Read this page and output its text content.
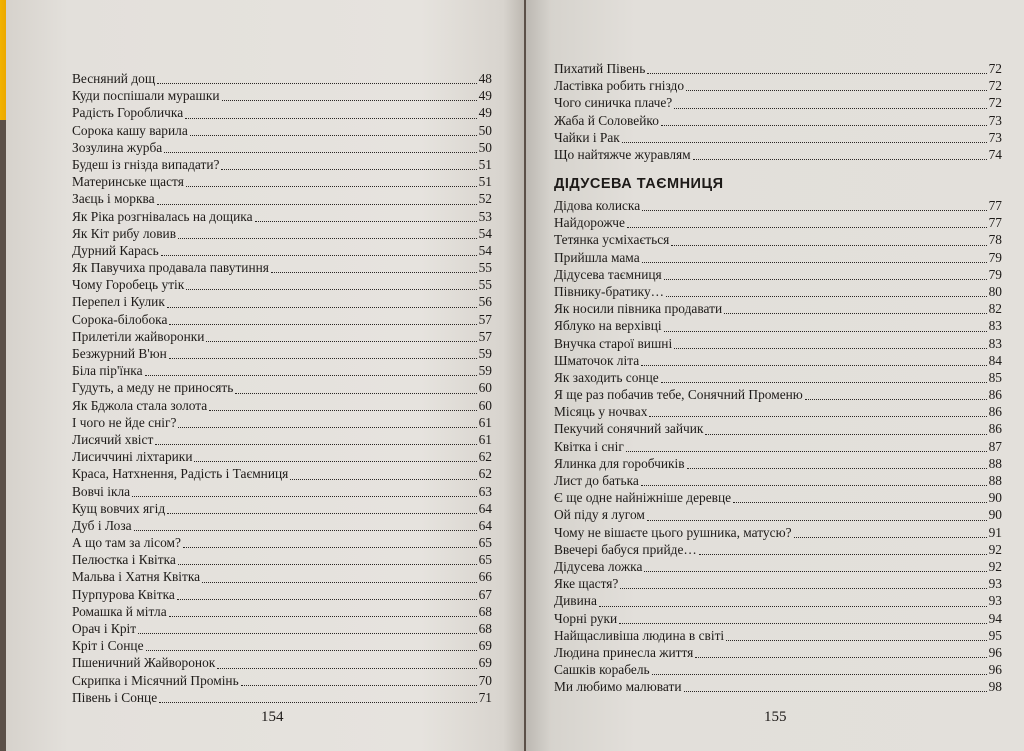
Весняний дощ	48
Куди поспішали мурашки	49
Радість Горобличка	49
Сорока кашу варила	50
Зозулина журба	50
Будеш із гнізда випадати?	51
Материнське щастя	51
Заєць і морква	52
Як Ріка розгнівалась на дощика	53
Як Кіт рибу ловив	54
Дурний Карась	54
Як Павучиха продавала павутиння	55
Чому Горобець утік	55
Перепел і Кулик	56
Сорока-білобока	57
Прилетіли жайворонки	57
Безжурний В'юн	59
Біла пір'їнка	59
Гудуть, а меду не приносять	60
Як Бджола стала золота	60
І чого не йде сніг?	61
Лисячий хвіст	61
Лисиччині ліхтарики	62
Краса, Натхнення, Радість і Таємниця	62
Вовчі ікла	63
Кущ вовчих ягід	64
Дуб і Лоза	64
А що там за лісом?	65
Пелюстка і Квітка	65
Мальва і Хатня Квітка	66
Пурпурова Квітка	67
Ромашка й мітла	68
Орач і Кріт	68
Кріт і Сонце	69
Пшеничний Жайворонок	69
Скрипка і Місячний Промінь	70
Півень і Сонце	71
154
Пихатий Півень	72
Ластівка робить гніздо	72
Чого синичка плаче?	72
Жаба й Соловейко	73
Чайки і Рак	73
Що найтяжче журавлям	74
ДІДУСЕВА ТАЄМНИЦЯ
Дідова колиска	77
Найдорожче	77
Тетянка усміхається	78
Прийшла мама	79
Дідусева таємниця	79
Півнику-братику…	80
Як носили півника продавати	82
Яблуко на верхівці	83
Внучка старої вишні	83
Шматочок літа	84
Як заходить сонце	85
Я ще раз побачив тебе, Сонячний Променю	86
Місяць у ночвах	86
Пекучий сонячний зайчик	86
Квітка і сніг	87
Ялинка для горобчиків	88
Лист до батька	88
Є ще одне найніжніше деревце	90
Ой піду я лугом	90
Чому не вішаєте цього рушника, матусю?	91
Ввечері бабуся прийде…	92
Дідусева ложка	92
Яке щастя?	93
Дивина	93
Чорні руки	94
Найщасливіша людина в світі	95
Людина принесла життя	96
Сашків корабель	96
Ми любимо малювати	98
155
